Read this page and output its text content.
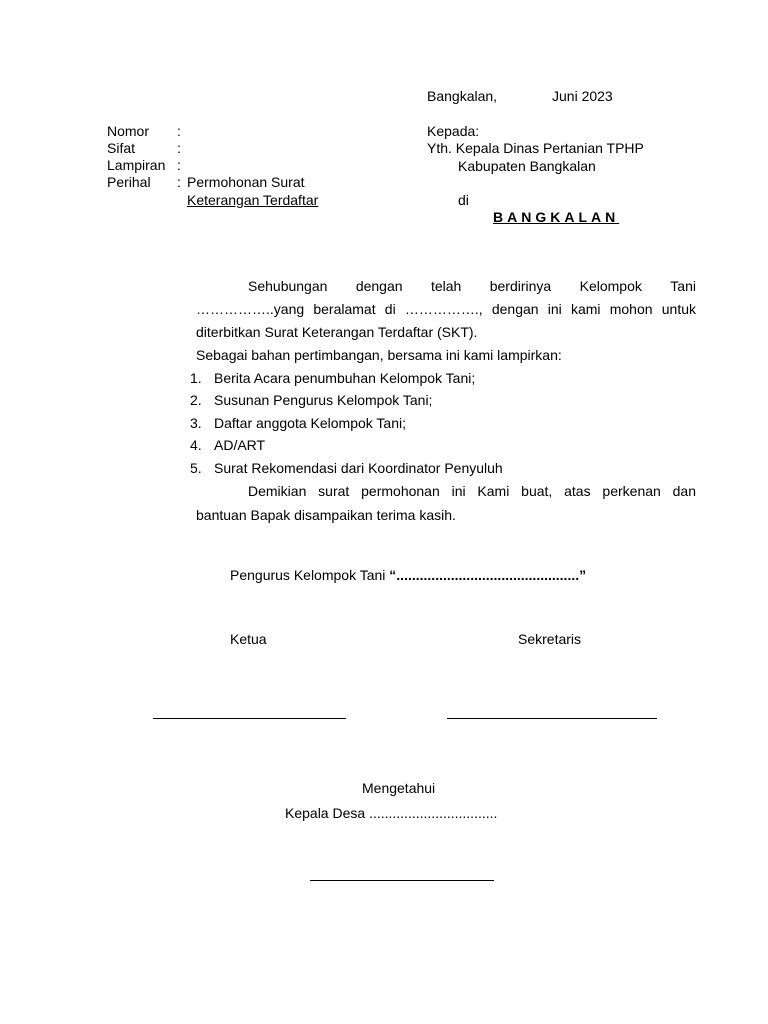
Bangkalan,	Juni 2023
Nomor :
Sifat	:
Lampiran :
Perihal : Permohonan Surat
Keterangan Terdaftar
Kepada:
Yth. Kepala Dinas Pertanian TPHP
Kabupaten Bangkalan
di
BANGKALAN
Sehubungan dengan telah berdirinya Kelompok Tani
……………..yang beralamat di ……………., dengan ini kami mohon untuk
diterbitkan Surat Keterangan Terdaftar (SKT).
Sebagai bahan pertimbangan, bersama ini kami lampirkan:
1. Berita Acara penumbuhan Kelompok Tani;
2. Susunan Pengurus Kelompok Tani;
3. Daftar anggota Kelompok Tani;
4. AD/ART
5. Surat Rekomendasi dari Koordinator Penyuluh
Demikian surat permohonan ini Kami buat, atas perkenan dan
bantuan Bapak disampaikan terima kasih.
Pengurus Kelompok Tani “...............................................”
Ketua	Sekretaris
Mengetahui
Kepala Desa .................................
